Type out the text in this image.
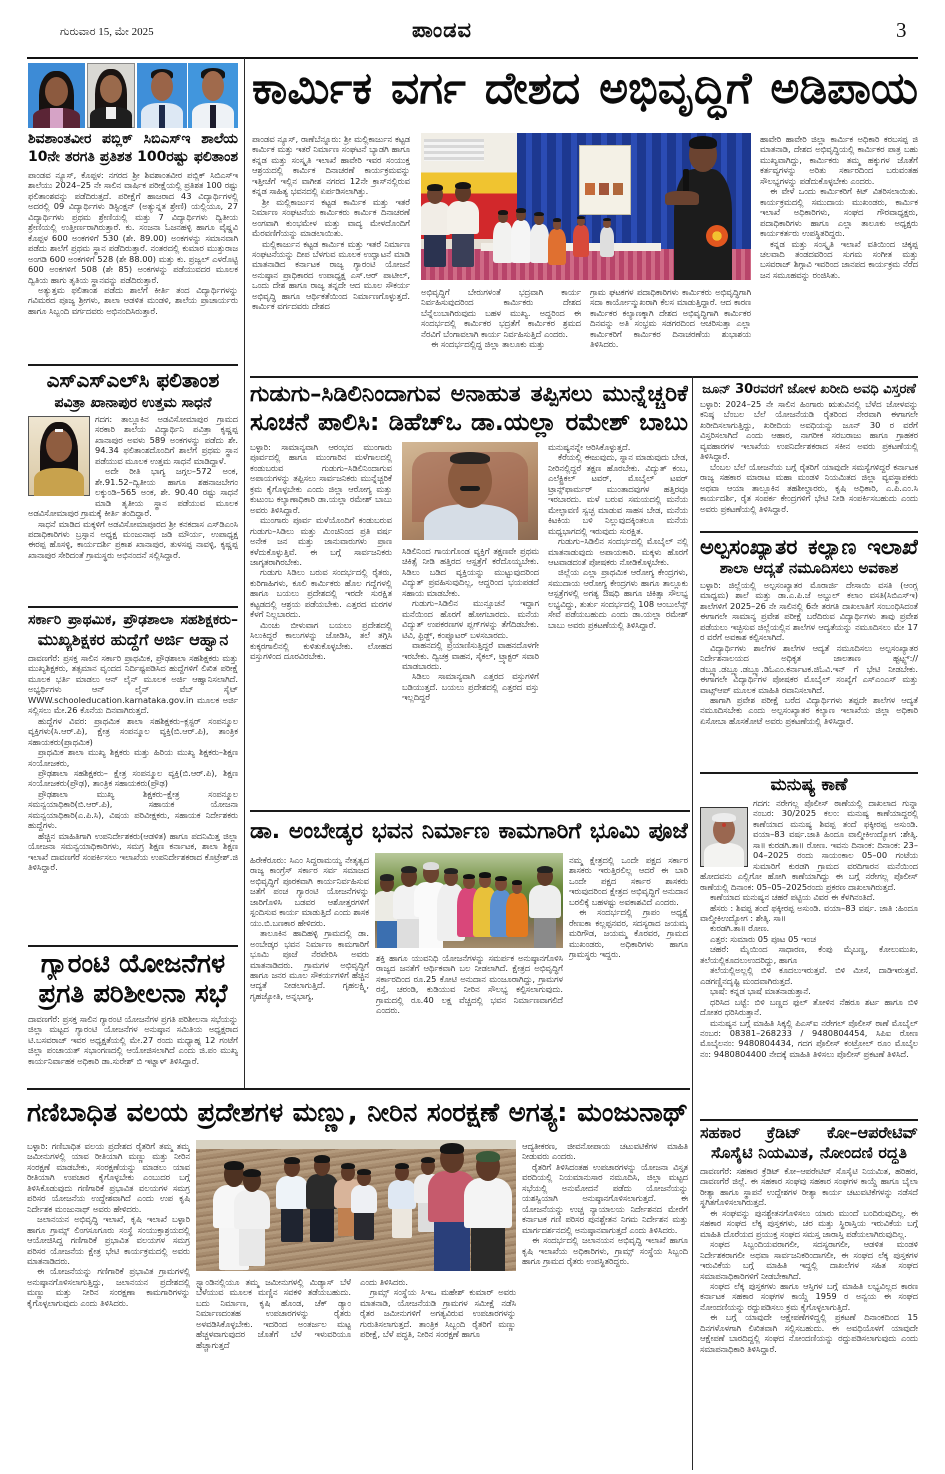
ಗುರುವಾರ 15, ಮೇ 2025	ಪಾಂಡವ	3
ಶಿವಶಾಂತವೀರ ಪಬ್ಲಿಕ್ ಸಿಬಿಎಸ್‌ಇ ಶಾಲೆಯ
10ನೇ ತರಗತಿ ಪ್ರತಿಶತ 100ರಷ್ಟು ಫಲಿತಾಂಶ

ಪಾಂಡವ ನ್ಯೂಸ್, ಕೊಪ್ಪಳ: ನಗರದ ಶ್ರೀ ಶಿವಶಾಂತವೀರ ಪಬ್ಲಿಕ್ ಸಿಬಿಎಸ್‌ಇ ಶಾಲೆಯು 2024–25 ನೇ ಸಾಲಿನ ವಾರ್ಷಿಕ ಪರೀಕ್ಷೆಯಲ್ಲಿ ಪ್ರತಿಶತ 100 ರಷ್ಟು ಫಲಿತಾಂಶವನ್ನು ಪಡೆದಿರುತ್ತದೆ. ಪರೀಕ್ಷೆಗೆ ಹಾಜರಾದ 43 ವಿದ್ಯಾರ್ಥಿಗಳಲ್ಲಿ ಅದರಲ್ಲಿ 09 ವಿದ್ಯಾರ್ಥಿಗಳು ಡಿಸ್ಟಿಂಕ್ಷನ್ (ಅತ್ಯುನ್ನತ ಶ್ರೇಣಿ) ಯಲ್ಲಿಯೂ, 27 ವಿದ್ಯಾರ್ಥಿಗಳು ಪ್ರಥಮ ಶ್ರೇಣಿಯಲ್ಲಿ ಮತ್ತು 7 ವಿದ್ಯಾರ್ಥಿಗಳು ದ್ವಿತೀಯ ಶ್ರೇಣಿಯಲ್ಲಿ ಉತ್ತೀರ್ಣರಾಗಿರುತ್ತಾರೆ. ಕು. ಸಂಜನಾ ಓಜನಹಳ್ಳಿ ಹಾಗೂ ವೈಷ್ಣವಿ ಕೊಪ್ಪಳ 600 ಅಂಕಗಳಿಗೆ 530 (ಶೇ. 89.00) ಅಂಕಗಳನ್ನು ಸಮಾನವಾಗಿ ಪಡೆದು ಶಾಲೆಗೆ ಪ್ರಥಮ ಸ್ಥಾನ ಪಡೆದಿರುತ್ತಾರೆ. ನಂತರದಲ್ಲಿ ಕುಮಾರ ಮುತ್ತುರಾಜ ಅಂಗಡಿ 600 ಅಂಕಗಳಿಗೆ 528 (ಶೇ 88.00) ಮತ್ತು ಕು. ಪ್ರಜ್ವಲ್ ಎಳರೊಟ್ಟಿ 600 ಅಂಕಗಳಿಗೆ 508 (ಶೇ 85) ಅಂಕಗಳನ್ನು ಪಡೆಯುವದರ ಮೂಲಕ ದ್ವಿತಿಯ ಹಾಗು ತೃತಿಯ ಸ್ಥಾನವನ್ನು ಪಡೆದಿರುತ್ತಾರೆ.

ಅತ್ಯುತ್ತಮ ಫಲಿತಾಂಶ ಪಡೆದು ಶಾಲೆಗೆ ಕೀರ್ತಿ ತಂದ ವಿದ್ಯಾರ್ಥಿಗಳನ್ನು ಗವಿಮಠದ ಪೂಜ್ಯ ಶ್ರೀಗಳು, ಶಾಲಾ ಆಡಳಿತ ಮಂಡಳಿ, ಶಾಲೆಯ ಪ್ರಾಚಾರ್ಯರು ಹಾಗೂ ಸಿಬ್ಬಂದಿ ವರ್ಗದವರು ಅಭಿನಂದಿಸಿರುತ್ತಾರೆ.

ಎಸ್‌ಎಸ್‌ಎಲ್‌ಸಿ ಫಲಿತಾಂಶ
ಪವಿತ್ರಾ ಖಾನಾಪುರ ಉತ್ತಮ ಸಾಧನೆ

ಗದಗ: ತಾಲ್ಲೂಕಿನ ಅಡವಿಸೋಮಾಪುರ ಗ್ರಾಮದ ಸರಕಾರಿ ಶಾಲೆಯ ವಿದ್ಯಾರ್ಥಿನಿ ಪವಿತ್ರಾ ಕೃಷ್ಣಪ್ಪ ಖಾನಾಪುರ ಅವಳು 589 ಅಂಕಗಳನ್ನು ಪಡೆದು ಶೇ. 94.34 ಫಲಿತಾಂಶದೊಂದಿಗೆ ಶಾಲೆಗೆ ಪ್ರಥಮ ಸ್ಥಾನ ಪಡೆಯುವ ಮೂಲಕ ಉತ್ತಮ ಸಾಧನೆ ಮಾಡಿದ್ದಾಳೆ.

ಅದೇ ರೀತಿ ಭಾಗ್ಯ ಜಗ್ಗಲ–572 ಅಂಕ, ಶೇ.91.52–ದ್ವಿತೀಯ ಹಾಗೂ ಶಹನಾಜಬೇಗಂ ಲಕ್ಕುಂಡಿ–565 ಅಂಕ, ಶೇ. 90.40 ರಷ್ಟು ಸಾಧನೆ ಮಾಡಿ ತೃತೀಯ ಸ್ಥಾನ ಪಡೆಯುವ ಮೂಲಕ ಅಡವಿಸೋಮಾಪುರ ಗ್ರಾಮಕ್ಕೆ ಕೀರ್ತಿ ತಂದಿದ್ದಾರೆ.

ಸಾಧನೆ ಮಾಡಿದ ಮಕ್ಕಳಿಗೆ ಅಡವಿಸೋಮಾಪೂರದ ಶ್ರೀ ಕನಕದಾಸ ಎಸ್‌ಡಿಎಂಸಿ ಪದಾಧಿಕಾರಿಗಳು ಬ್ರಸ್ಸಾನ ಅಧ್ಯಕ್ಷ ಮಂಜುನಾಥ ಜಡಿ ಮೌರ್ಯ, ಉಪಾಧ್ಯಕ್ಷ ಈರಪ್ಪ ಹೊಸಳ್ಳಿ, ಕಾರ್ಯದರ್ಶಿ ಪ್ರಕಾಶ ಖಾನಾಪುರ, ತುಳಸಪ್ಪ ನಾವಳ್ಳಿ, ಕೃಷ್ಣಪ್ಪ ಖಾನಾಪುರ ಸೇರಿದಂತೆ ಗ್ರಾಮಸ್ಥರು ಅಭಿನಂದನೆ ಸಲ್ಲಿಸಿದ್ದಾರೆ.

ಸರ್ಕಾರಿ ಪ್ರಾಥಮಿಕ, ಪ್ರೌಢಶಾಲಾ ಸಹಶಿಕ್ಷಕರು–
ಮುಖ್ಯಶಿಕ್ಷಕರ ಹುದ್ದೆಗೆ ಅರ್ಜಿ ಆಹ್ವಾನ

ದಾವಣಗೆರೆ: ಪ್ರಸಕ್ತ ಸಾಲಿನ ಸರ್ಕಾರಿ ಪ್ರಾಥಮಿಕ, ಪ್ರೌಢಶಾಲಾ ಸಹಶಿಕ್ಷಕರು ಮತ್ತು ಮುಖ್ಯಶಿಕ್ಷಕರು, ತತ್ಸಮಾನ ವೃಂದದ ನಿರ್ದಿಷ್ಟಪಡಿಸಿದ ಹುದ್ದೆಗಳಿಗೆ ಲಿಖಿತ ಪರೀಕ್ಷೆ ಮೂಲಕ ಭರ್ತಿ ಮಾಡಲು ಆನ್ ಲೈನ್ ಮೂಲಕ ಅರ್ಜಿ ಆಹ್ವಾನಿಸಲಾಗಿದೆ. ಅಭ್ಯರ್ಥಿಗಳು ಆನ್ ಲೈನ್ ವೆಬ್ ಸೈಟ್ WWW.schooleducation.karnataka.gov.in ಮೂಲಕ ಅರ್ಜಿ ಸಲ್ಲಿಸಲು ಮೇ.26 ಕೊನೆಯ ದಿನವಾಗಿರುತ್ತದೆ.

ಹುದ್ದೆಗಳ ವಿವರ: ಪ್ರಾಥಮಿಕ ಶಾಲಾ ಸಹಶಿಕ್ಷಕರು–ಕ್ಲಸ್ಟರ್ ಸಂಪನ್ಮೂಲ ವ್ಯಕ್ತಿಗಳು(ಸಿ.ಆರ್.ಪಿ), ಕ್ಷೇತ್ರ ಸಂಪನ್ಮೂಲ ವ್ಯಕ್ತಿ(ಬಿ.ಆರ್.ಪಿ), ತಾಂತ್ರಿಕ ಸಹಾಯಕರು(ಪ್ರಾಥಮಿಕ)

ಪ್ರಾಥಮಿಕ ಶಾಲಾ ಮುಖ್ಯ ಶಿಕ್ಷಕರು ಮತ್ತು ಹಿರಿಯ ಮುಖ್ಯ ಶಿಕ್ಷಕರು–ಶಿಕ್ಷಣ ಸಂಯೋಜಕರು,

ಪ್ರೌಢಶಾಲಾ ಸಹಶಿಕ್ಷಕರು– ಕ್ಷೇತ್ರ ಸಂಪನ್ಮೂಲ ವ್ಯಕ್ತಿ(ಬಿ.ಆರ್.ಪಿ), ಶಿಕ್ಷಣ ಸಂಯೋಜಕರು(ಪ್ರೌಢ), ತಾಂತ್ರಿಕ ಸಹಾಯಕರು(ಪ್ರೌಢ)

ಪ್ರೌಢಶಾಲಾ ಮುಖ್ಯ ಶಿಕ್ಷಕರು–ಕ್ಷೇತ್ರ ಸಂಪನ್ಮೂಲ ಸಮನ್ವಯಾಧಿಕಾರಿ(ಬಿ.ಆರ್.ಪಿ), ಸಹಾಯಕ ಯೋಜನಾ ಸಮನ್ವಯಾಧಿಕಾರಿ(ಎ.ಪಿ.ಸಿ), ವಿಷಯ ಪರಿವೀಕ್ಷಕರು, ಸಹಾಯಕ ನಿರ್ದೇಶಕರು ಹುದ್ದೆಗಳು.

ಹೆಚ್ಚಿನ ಮಾಹಿತಿಗಾಗಿ ಉಪನಿರ್ದೇಶಕರು(ಆಡಳಿತ) ಹಾಗೂ ಪದನಿಮಿತ್ತ ಜಿಲ್ಲಾ ಯೋಜನಾ ಸಮನ್ವಯಾಧಿಕಾರಿಗಳು, ಸಮಗ್ರ ಶಿಕ್ಷಣ ಕರ್ನಾಟಕ, ಶಾಲಾ ಶಿಕ್ಷಣ ಇಲಾಖೆ ದಾವಣಗೆರೆ ಸಂಪರ್ಕಿಸಲು ಇಲಾಖೆಯ ಉಪನಿರ್ದೇಶಕರಾದ ಕೊಟ್ರೇಶ್.ಜಿ ತಿಳಿಸಿದ್ದಾರೆ.

ಗ್ಯಾರಂಟಿ ಯೋಜನೆಗಳ
ಪ್ರಗತಿ ಪರಿಶೀಲನಾ ಸಭೆ

ದಾವಣಗೆರೆ: ಪ್ರಸಕ್ತ ಸಾಲಿನ ಗ್ಯಾರಂಟಿ ಯೋಜನೆಗಳ ಪ್ರಗತಿ ಪರಿಶೀಲನಾ ಸಭೆಯನ್ನು ಜಿಲ್ಲಾ ಮಟ್ಟದ ಗ್ಯಾರಂಟಿ ಯೋಜನೆಗಳ ಅನುಷ್ಠಾನ ಸಮಿತಿಯ ಅಧ್ಯಕ್ಷರಾದ ಟಿ.ಬಸವರಾಜ್ ಇವರ ಅಧ್ಯಕ್ಷತೆಯಲ್ಲಿ ಮೇ.27 ರಂದು ಮಧ್ಯಾಹ್ನ 12 ಗಂಟೆಗೆ ಜಿಲ್ಲಾ ಪಂಚಾಯತ್ ಸಭಾಂಗಣದಲ್ಲಿ ಆಯೋಜಿಸಲಾಗಿದೆ ಎಂದು ಜಿ.ಪಂ ಮುಖ್ಯ ಕಾರ್ಯನಿರ್ವಾಹಕ ಅಧಿಕಾರಿ ಡಾ.ಸುರೇಶ್ ಬಿ ಇಟ್ನಾಳ್ ತಿಳಿಸಿದ್ದಾರೆ.

ಕಾರ್ಮಿಕ ವರ್ಗ ದೇಶದ ಅಭಿವೃದ್ಧಿಗೆ ಅಡಿಪಾಯ

ಪಾಂಡವ ನ್ಯೂಸ್, ರಾಣೆಬೆನ್ನೂರು: ಶ್ರೀ ಮಲ್ಲಿಕಾರ್ಜುನ ಕಟ್ಟಡ ಕಾರ್ಮಿಕ ಮತ್ತು ಇತರೆ ನಿರ್ಮಾಣ ಸಂಘಟನೆ ಬ್ಯಾಡಗಿ ಹಾಗೂ ಕನ್ನಡ ಮತ್ತು ಸಂಸ್ಕೃತಿ ಇಲಾಖೆ ಹಾವೇರಿ ಇವರ ಸಂಯುಕ್ತ ಆಶ್ರಯದಲ್ಲಿ ಕಾರ್ಮಿಕ ದಿನಾಚರಣೆ ಕಾರ್ಯಕ್ರಮವನ್ನು ಇತ್ತೀಚೆಗೆ ಇಲ್ಲಿನ ವಾಗೀಶ ನಗರದ 12ನೇ ಕ್ರಾಸ್‌ನಲ್ಲಿರುವ ಕನ್ನಡ ಸಾಹಿತ್ಯ ಭವನದಲ್ಲಿ ಏರ್ಪಡಿಸಲಾಗಿತ್ತು.

ಶ್ರೀ ಮಲ್ಲಿಕಾರ್ಜುನ ಕಟ್ಟಡ ಕಾರ್ಮಿಕ ಮತ್ತು ಇತರೆ ನಿರ್ಮಾಣ ಸಂಘಟನೆಯ ಕಾರ್ಮಿಕರು ಕಾರ್ಮಿಕ ದಿನಾಚರಣೆ ಅಂಗವಾಗಿ ಕುಂಭಮೇಳ ಮತ್ತು ವಾದ್ಯ ಮೇಳದೊಂದಿಗೆ ಮೆರವಣಿಗೆಯನ್ನು ಮಾಡಲಾಯಿತು.

ಮಲ್ಲಿಕಾರ್ಜುನ ಕಟ್ಟಡ ಕಾರ್ಮಿಕ ಮತ್ತು ಇತರೆ ನಿರ್ಮಾಣ ಸಂಘಟನೆಯನ್ನು ದೀಪ ಬೆಳಗುವ ಮೂಲಕ ಉದ್ಘಾಟನೆ ಮಾಡಿ ಮಾತನಾಡಿದ ಕರ್ನಾಟಕ ರಾಜ್ಯ ಗ್ಯಾರಂಟಿ ಯೋಜನೆ ಅನುಷ್ಠಾನ ಪ್ರಾಧಿಕಾರದ ಉಪಾಧ್ಯಕ್ಷ ಎಸ್.ಆರ್ ಪಾಟೀಲ್, ಒಂದು ದೇಶ ಹಾಗೂ ರಾಜ್ಯ ತನ್ನದೇ ಆದ ಮೂಲ ಸೌಕರ್ಯ ಅಭಿವೃದ್ಧಿ ಹಾಗೂ ಆರ್ಥಿಕತೆಯಿಂದ ನಿರ್ಮಾಣಗೊಳ್ಳುತ್ತದೆ. ಕಾರ್ಮಿಕ ವರ್ಗದವರು ದೇಶದ

ಅಭಿವೃದ್ಧಿಗೆ ಬೇರುಗಳಂತೆ ಭದ್ರವಾಗಿ ಕಾರ್ಯ ನಿರ್ವಹಿಸುವುದರಿಂದ ಕಾರ್ಮಿಕರು ದೇಶದ ಬೆನ್ನೆಲುಬಾಗಿರುವುದು ಬಹಳ ಮುಖ್ಯ. ಅದ್ದರಿಂದ ಈ ಸಂದರ್ಭದಲ್ಲಿ ಕಾರ್ಮಿಕರ ಭದ್ರತೆಗೆ ಕಾರ್ಮಿಕರ ಶ್ರಮದ ನೆರವಿಗೆ ಬೆಂಗಾವಲಾಗಿ ಕಾರ್ಯ ನಿರ್ವಹಿಸುತ್ತಿದೆ ಎಂದರು.

ಈ ಸಂದರ್ಭದಲ್ಲಿದ್ದ ಜಿಲ್ಲಾ ತಾಲೂಕು ಮತ್ತು

ಗ್ರಾಮ ಘಟಕಗಳ ಪದಾಧಿಕಾರಿಗಳು ಕಾರ್ಮಿಕರು ಅಭಿವೃದ್ಧಿಗಾಗಿ ಸದಾ ಕಾರ್ಯೋನ್ಮುಖರಾಗಿ ಕೆಲಸ ಮಾಡುತ್ತಿದ್ದಾರೆ. ಆದ ಕಾರಣ ಕಾರ್ಮಿಕರ ಕಲ್ಯಾಣಕ್ಕಾಗಿ ದೇಶದ ಅಭಿವೃದ್ಧಿಗಾಗಿ ಕಾರ್ಮಿಕರ ದಿನವನ್ನು ಅತಿ ಸಂಭ್ರಮ ಸಡಗರದಿಂದ ಆಚರಿಸುತ್ತಾ ಎಲ್ಲಾ ಕಾರ್ಮಿಕರಿಗೆ ಕಾರ್ಮಿಕರ ದಿನಾಚರಣೆಯ ಶುಭಾಶಯ ತಿಳಿಸಿದರು.

ಹಾವೇರಿ ಹಾವೇರಿ ಜಿಲ್ಲಾ ಕಾರ್ಮಿಕ ಅಧಿಕಾರಿ ಕರಬಸಪ್ಪ ಜಿ ಮಾತನಾಡಿ, ದೇಶದ ಅಭಿವೃದ್ಧಿಯಲ್ಲಿ ಕಾರ್ಮಿಕರ ಪಾತ್ರ ಬಹು ಮುಖ್ಯವಾಗಿದ್ದು, ಕಾರ್ಮಿಕರು ತಮ್ಮ ಹಕ್ಕುಗಳ ಜೊತೆಗೆ ಕರ್ತವ್ಯಗಳನ್ನು ಅರಿತು ಸರ್ಕಾರದಿಂದ ಬರುವಂತಹ ಸೌಲಭ್ಯಗಳನ್ನು ಪಡೆದುಕೊಳ್ಳಬೇಕು ಎಂದರು.

ಈ ವೇಳೆ ಒಂದು ಕಾರ್ಮಿಕರಿಗೆ ಕಿಟ್ ವಿತರಿಸಲಾಯಿತು. ಕಾರ್ಯಕ್ರಮದಲ್ಲಿ ಸಮುದಾಯ ಮುಖಂಡರು, ಕಾರ್ಮಿಕ ಇಲಾಖೆ ಅಧಿಕಾರಿಗಳು, ಸಂಘದ ಗೌರವಾಧ್ಯಕ್ಷರು, ಪದಾಧಿಕಾರಿಗಳು ಹಾಗೂ ಎಲ್ಲಾ ತಾಲೂಕು ಅಧ್ಯಕ್ಷರು ಕಾರ್ಯಕರ್ತರು ಉಪಸ್ಥಿತರಿದ್ದರು.

ಕನ್ನಡ ಮತ್ತು ಸಂಸ್ಕೃತಿ ಇಲಾಖೆ ವತಿಯಿಂದ ಚಿಕ್ಕಪ್ಪ ಚಲವಾದಿ ತಂಡದವರಿಂದ ಸುಗಮ ಸಂಗೀತ ಮತ್ತು ಬಸವರಾಜ್ ಶಿಗ್ಗಾವಿ ಇವರಿಂದ ಜಾನಪದ ಕಾರ್ಯಕ್ರಮ ನೆರೆದ ಜನ ಸಮೂಹವನ್ನು ರಂಜಿಸಿತು.

ಗುಡುಗು–ಸಿಡಿಲಿನಿಂದಾಗುವ ಅನಾಹುತ ತಪ್ಪಿಸಲು ಮುನ್ನೆಚ್ಚರಿಕೆ
ಸೂಚನೆ ಪಾಲಿಸಿ: ಡಿಹೆಚ್‌ಒ ಡಾ.ಯಲ್ಲಾ ರಮೇಶ್ ಬಾಬು

ಬಳ್ಳಾರಿ: ಸಾಮಾನ್ಯವಾಗಿ ಆರಂಭದ ಮುಂಗಾರು ಪೂರ್ವದಲ್ಲಿ ಹಾಗೂ ಮುಂಗಾರಿನ ಮಳೆಗಾಲದಲ್ಲಿ ಕಂಡುಬರುವ ಗುಡುಗು–ಸಿಡಿಲಿನಿಂದಾಗುವ ಅಪಾಯಗಳನ್ನು ತಪ್ಪಿಸಲು ಸಾರ್ವಜನಿಕರು ಮುನ್ನೆಚ್ಚರಿಕೆ ಕ್ರಮ ಕೈಗೊಳ್ಳಬೇಕು ಎಂದು ಜಿಲ್ಲಾ ಆರೋಗ್ಯ ಮತ್ತು ಕುಟುಂಬ ಕಲ್ಯಾಣಾಧಿಕಾರಿ ಡಾ.ಯಲ್ಲಾ ರಮೇಶ್ ಬಾಬು ಅವರು ತಿಳಿಸಿದ್ದಾರೆ.

ಮುಂಗಾರು ಪೂರ್ವ ಮಳೆಯೊಂದಿಗೆ ಕಂಡುಬರುವ ಗುಡುಗು–ಸಿಡಿಲು ಮತ್ತು ಮಿಂಚಿನಿಂದ ಪ್ರತಿ ವರ್ಷ ಅನೇಕ ಜನ ಮತ್ತು ಜಾನುವಾರುಗಳು ಪ್ರಾಣ ಕಳೆದುಕೊಳ್ಳುತ್ತಿವೆ. ಈ ಬಗ್ಗೆ ಸಾರ್ವಜನಿಕರು ಜಾಗೃತರಾಗಿರಬೇಕು.

ಗುಡುಗು ಸಿಡಿಲು ಬರುವ ಸಂದರ್ಭದಲ್ಲಿ ರೈತರು, ಕುರಿಗಾಹಿಗಳು, ಕೂಲಿ ಕಾರ್ಮಿಕರು ಹೊಲ ಗದ್ದೆಗಳಲ್ಲಿ ಹಾಗೂ ಬಯಲು ಪ್ರದೇಶದಲ್ಲಿ ಇರದೇ ಸುರಕ್ಷಿತ ಕಟ್ಟಡದಲ್ಲಿ ಆಶ್ರಯ ಪಡೆಯಬೇಕು. ಎತ್ತರದ ಮರಗಳ ಕೆಳಗೆ ನಿಲ್ಲಬಾರದು.

ಮಿಂಚು ಬೀಳುವಾಗ ಬಯಲು ಪ್ರದೇಶದಲ್ಲಿ ಸಿಲುಕಿದ್ದರೆ ಕಾಲುಗಳನ್ನು ಜೋಡಿಸಿ, ತಲೆ ತಗ್ಗಿಸಿ ಕುಕ್ಕರಗಾಲಿನಲ್ಲಿ ಕುಳಿತುಕೊಳ್ಳಬೇಕು. ಲೋಹದ ವಸ್ತುಗಳಿಂದ ದೂರವಿರಬೇಕು.

ಸಿಡಿಲಿನಿಂದ ಗಾಯಗೊಂಡ ವ್ಯಕ್ತಿಗೆ ತಕ್ಷಣವೇ ಪ್ರಥಮ ಚಿಕಿತ್ಸೆ ನೀಡಿ ಹತ್ತಿರದ ಆಸ್ಪತ್ರೆಗೆ ಕರೆದೊಯ್ಯಬೇಕು. ಸಿಡಿಲು ಬಡಿದ ವ್ಯಕ್ತಿಯನ್ನು ಮುಟ್ಟುವುದರಿಂದ ವಿದ್ಯುತ್ ಪ್ರವಹಿಸುವುದಿಲ್ಲ, ಆದ್ದರಿಂದ ಭಯಪಡದೆ ಸಹಾಯ ಮಾಡಬೇಕು.

ಗುಡುಗು–ಸಿಡಿಲಿನ ಮುನ್ಸೂಚನೆ ಇದ್ದಾಗ ಮನೆಯಿಂದ ಹೊರಗೆ ಹೋಗಬಾರದು. ಮನೆಯ ವಿದ್ಯುತ್ ಉಪಕರಣಗಳ ಪ್ಲಗ್‌ಗಳನ್ನು ತೆಗೆದಿಡಬೇಕು. ಟಿವಿ, ಫ್ರಿಡ್ಜ್, ಕಂಪ್ಯೂಟರ್ ಬಳಸಬಾರದು.

ವಾಹನದಲ್ಲಿ ಪ್ರಯಾಣಿಸುತ್ತಿದ್ದರೆ ವಾಹನದೊಳಗೇ ಇರಬೇಕು. ದ್ವಿಚಕ್ರ ವಾಹನ, ಸೈಕಲ್, ಟ್ರ್ಯಾಕ್ಟರ್ ಸವಾರಿ ಮಾಡಬಾರದು.

ಸಿಡಿಲು ಸಾಮಾನ್ಯವಾಗಿ ಎತ್ತರದ ವಸ್ತುಗಳಿಗೆ ಬಡಿಯುತ್ತದೆ. ಬಯಲು ಪ್ರದೇಶದಲ್ಲಿ ಎತ್ತರದ ವಸ್ತು ಇಲ್ಲದಿದ್ದರೆ

ಮನುಷ್ಯನನ್ನೇ ಆರಿಸಿಕೊಳ್ಳುತ್ತದೆ.

ಕೆರೆಯಲ್ಲಿ ಈಜುವುದು, ಸ್ನಾನ ಮಾಡುವುದು ಬೇಡ, ನೀರಿನಲ್ಲಿದ್ದರೆ ತಕ್ಷಣ ಹೊರಬೇಕು. ವಿದ್ಯುತ್ ಕಂಬ, ಎಲೆಕ್ಟ್ರಿಕಲ್ ಟವರ್, ಮೊಬೈಲ್ ಟವರ್ ಟ್ರಾನ್ಸ್‌ಫಾರ್ಮರ್ ಮುಂತಾದವುಗಳ ಹತ್ತಿರವೂ ಇರಬಾರದು. ಮಳೆ ಬರುವ ಸಮಯದಲ್ಲಿ ಮನೆಯ ಮೇಲ್ಛಾವಣಿ ಸ್ವಚ್ಛ ಮಾಡುವ ಸಾಹಸ ಬೇಡ, ಮನೆಯ ಕಿಟಕಿಯ ಬಳಿ ನಿಲ್ಲುವುದಕ್ಕಿಂತಲೂ ಮನೆಯ ಮಧ್ಯಭಾಗದಲ್ಲಿ ಇರುವುದು ಸುರಕ್ಷಿತ.

ಗುಡುಗು–ಸಿಡಿಲಿನ ಸಂದರ್ಭದಲ್ಲಿ ಮೊಬೈಲ್ ನಲ್ಲಿ ಮಾತನಾಡುವುದು ಅಪಾಯಕಾರಿ. ಮಕ್ಕಳು ಹೊರಗೆ ಆಟವಾಡದಂತೆ ಪೋಷಕರು ನೋಡಿಕೊಳ್ಳಬೇಕು.

ಜಿಲ್ಲೆಯ ಎಲ್ಲಾ ಪ್ರಾಥಮಿಕ ಆರೋಗ್ಯ ಕೇಂದ್ರಗಳು, ಸಮುದಾಯ ಆರೋಗ್ಯ ಕೇಂದ್ರಗಳು ಹಾಗೂ ತಾಲ್ಲೂಕು ಆಸ್ಪತ್ರೆಗಳಲ್ಲಿ ಅಗತ್ಯ ಔಷಧಿ ಹಾಗೂ ಚಿಕಿತ್ಸಾ ಸೌಲಭ್ಯ ಲಭ್ಯವಿದ್ದು, ತುರ್ತು ಸಂದರ್ಭದಲ್ಲಿ 108 ಆಂಬುಲೆನ್ಸ್ ಸೇವೆ ಪಡೆಯಬಹುದು ಎಂದು ಡಾ.ಯಲ್ಲಾ ರಮೇಶ್ ಬಾಬು ಅವರು ಪ್ರಕಟಣೆಯಲ್ಲಿ ತಿಳಿಸಿದ್ದಾರೆ.

ಜೂನ್ 30ರವರಗೆ ಜೋಳ ಖರೀದಿ ಅವಧಿ ವಿಸ್ತರಣೆ

ಬಳ್ಳಾರಿ: 2024–25 ನೇ ಸಾಲಿನ ಹಿಂಗಾರು ಋತುವಿನಲ್ಲಿ ಬೆಳೆದ ಜೋಳವನ್ನು ಕನಿಷ್ಠ ಬೆಂಬಲ ಬೆಲೆ ಯೋಜನೆಯಡಿ ರೈತರಿಂದ ನೇರವಾಗಿ ಈಗಾಗಲೇ ಖರೀದಿಸಲಾಗುತ್ತಿದ್ದು, ಖರೀದಿಯ ಅವಧಿಯನ್ನು ಜೂನ್ 30 ರ ವರೆಗೆ ವಿಸ್ತರಿಸಲಾಗಿದೆ ಎಂದು ಆಹಾರ, ನಾಗರೀಕ ಸರಬರಾಜು ಹಾಗೂ ಗ್ರಾಹಕರ ವ್ಯವಹಾರಗಳ ಇಲಾಖೆಯ ಉಪನಿರ್ದೇಶಕರಾದ ಸಕೀನ ಅವರು ಪ್ರಕಟಣೆಯಲ್ಲಿ ತಿಳಿಸಿದ್ದಾರೆ.

ಬೆಂಬಲ ಬೆಲೆ ಯೋಜನೆಯ ಬಗ್ಗೆ ರೈತರಿಗೆ ಯಾವುದೇ ಸಮಸ್ಯೆಗಳಿದ್ದರೆ ಕರ್ನಾಟಕ ರಾಜ್ಯ ಸಹಕಾರ ಮಾರಾಟ ಮಹಾ ಮಂಡಳಿ ನಿಯಮಿತದ ಜಿಲ್ಲಾ ವ್ಯವಸ್ಥಾಪಕರು ಅಥವಾ ಆಯಾ ತಾಲ್ಲೂಕಿನ ತಹಶೀಲ್ದಾರರು, ಕೃಷಿ ಅಧಿಕಾರಿ, ಎ.ಪಿ.ಎಂ.ಸಿ ಕಾರ್ಯದರ್ಶಿ, ರೈತ ಸಂಪರ್ಕ ಕೇಂದ್ರಗಳಿಗೆ ಭೇಟಿ ನೀಡಿ ಸಂಪರ್ಕಿಸಬಹುದು ಎಂದು ಅವರು ಪ್ರಕಟಣೆಯಲ್ಲಿ ತಿಳಿಸಿದ್ದಾರೆ.

ಅಲ್ಪಸಂಖ್ಯಾತರ ಕಲ್ಯಾಣ ಇಲಾಖೆ
ಶಾಲಾ ಆದ್ಯತೆ ನಮೂದಿಸಲು ಅವಕಾಶ

ಬಳ್ಳಾರಿ: ಜಿಲ್ಲೆಯಲ್ಲಿ ಅಲ್ಪಸಂಖ್ಯಾತರ ಮೊರಾರ್ಜಿ ದೇಸಾಯಿ ವಸತಿ (ಆಂಗ್ಲ ಮಾಧ್ಯಮ) ಶಾಲೆ ಮತ್ತು ಡಾ.ಎ.ಪಿ.ಜೆ ಅಬ್ದುಲ್ ಕಲಾಂ ವಸತಿ(ಸಿಬಿಎಸ್‌ಇ) ಶಾಲೆಗಳಿಗೆ 2025–26 ನೇ ಸಾಲಿನಲ್ಲಿ 6ನೇ ತರಗತಿ ದಾಖಲಾತಿಗೆ ಸಂಬಂಧಿಸಿದಂತೆ ಈಗಾಗಲೇ ಸಾಮಾನ್ಯ ಪ್ರವೇಶ ಪರೀಕ್ಷೆ ಬರೆದಿರುವ ವಿದ್ಯಾರ್ಥಿಗಳು ತಾವು ಪ್ರವೇಶ ಪಡೆಯಲು ಇಚ್ಛಿಸುವ ಜಿಲ್ಲೆಯಲ್ಲಿನ ಶಾಲೆಗಳ ಆದ್ಯತೆಯನ್ನು ನಮೂದಿಸಲು ಮೇ 17 ರ ವರೆಗೆ ಅವಕಾಶ ಕಲ್ಪಿಸಲಾಗಿದೆ.

ವಿದ್ಯಾರ್ಥಿಗಳು ಶಾಲೆಗಳ ಶಾಲೆಗಳ ಆದ್ಯತೆ ನಮೂದಿಸಲು ಅಲ್ಪಸಂಖ್ಯಾತರ ನಿರ್ದೇಶನಾಲಯದ ಅಧಿಕೃತ ಜಾಲತಾಣ ಹ್ಟಟ್ಪ್ಸ್:// ಡಬ್ಲ್ಯೂ.ಡಬ್ಲ್ಯೂ.ಡಬ್ಲ್ಯೂ.ಡಿಓಎಂ.ಕರ್ನಾಟಕ.ಜಿಓವಿ.ಇನ್ ಗೆ ಭೇಟಿ ನೀಡಬೇಕು. ಈಗಾಗಲೇ ವಿದ್ಯಾರ್ಥಿಗಳ ಪೋಷಕರ ಮೊಬೈಲ್ ಸಂಖ್ಯೆಗೆ ಎಸ್‌ಎಂಎಸ್ ಮತ್ತು ವಾಟ್ಸ್‌ಆಪ್ ಮೂಲಕ ಮಾಹಿತಿ ರವಾನಿಸಲಾಗಿದೆ.

ಹಾಗಾಗಿ ಪ್ರವೇಶ ಪರೀಕ್ಷೆ ಬರೆದ ವಿದ್ಯಾರ್ಥಿಗಳು ತಪ್ಪದೇ ಶಾಲೆಗಳ ಆದ್ಯತೆ ನಮೂದಿಸಬೇಕು ಎಂದು ಅಲ್ಪಸಂಖ್ಯಾತರ ಕಲ್ಯಾಣ ಇಲಾಖೆಯ ಜಿಲ್ಲಾ ಅಧಿಕಾರಿ ಏಸೋಬಾ ಹೊಸಕೋಟೆ ಅವರು ಪ್ರಕಟಣೆಯಲ್ಲಿ ತಿಳಿಸಿದ್ದಾರೆ.

ಮನುಷ್ಯ ಕಾಣೆ

ಗದಗ: ನರೇಗಲ್ಲ ಪೊಲೀಸ್ ಠಾಣೆಯಲ್ಲಿ ದಾಖಲಾದ ಗುನ್ನಾ ನಂಬರ: 30/2025 ಕಲಂ: ಮನುಷ್ಯ ಕಾಣೆಯಾದ್ದರಲ್ಲಿ ಕಾಣೆಯಾದ ಮನುಷ್ಯ ಶಿವಪ್ಪ ತಂದೆ ಫಕ್ಕೀರಪ್ಪ ಅಸುಂಡಿ. ವಯಾ–83 ವರ್ಷ.ಜಾತಿ ಹಿಂದೂ ವಾಲ್ಮೀಕಿಉದ್ಯೋಗ :ಶೇತ್ಕಿ. ಸಾ॥ ಕುರಡಗಿ.ತಾ॥ ರೋಣ. ಇವನು ದಿನಾಂಕ: ದಿನಾಂಕ: 23–04–2025 ರಂದು ಸಾಯಂಕಾಲ 05–00 ಗಂಟೆಯ ಸುಮಾರಿಗೆ ಕುರಡಗಿ ಗ್ರಾಮದ ವರದಿಗಾರನ ಮನೆಯಿಂದ ಹೋದವನು ಎಲ್ಲಿಗೋ ಹೋಗಿ ಕಾಣೆಯಾಗಿದ್ದು ಈ ಬಗ್ಗೆ ನರೇಗಲ್ಲ ಪೊಲೀಸ್ ಠಾಣೆಯಲ್ಲಿ ದಿನಾಂಕ: 05–05–2025ರಂದು ಪ್ರಕರಣ ದಾಖಲಾಗಿರುತ್ತದೆ.

ಕಾಣೆಯಾದ ಮನುಷ್ಯನ ಚಹರೆ ಪಟ್ಟಿಯ ವಿವರ ಈ ಕೆಳಗಿನಂತಿದೆ.

ಹೆಸರು : ಶಿವಪ್ಪ ತಂದೆ ಫಕ್ಕೀರಪ್ಪ ಅಸುಂಡಿ. ವಯಾ–83 ವರ್ಷ. ಜಾತಿ :ಹಿಂದೂ ವಾಲ್ಮೀಕಿಉದ್ಯೋಗ : ಶೇತ್ಕಿ. ಸಾ॥

ಕುರಡಗಿ.ತಾ॥ ರೋಣ.

ಎತ್ತರ: ಸುಮಾರು 05 ಪೂಟ 05 ಇಂಚ

ಚಹರೆ: ಮೈಯಿಂದ ಸಾಧಾರಣ, ಕೆಂಪು ಮೈಬಣ್ಣ, ಕೋಲುಮುಖ, ತಲೆಯಲ್ಲಿಕೂದಲುಉದರಿದ್ದು, ಹಾಗೂ

ತಲೆಯಲ್ಲಿಅಲ್ಲಲ್ಲಿ ಬಿಳಿ ಕೂದಲುಇರುತ್ತವೆ. ಬಿಳಿ ಮೀಸೆ, ದಾಡಿಇರುತ್ತವೆ. ಎಡಗಣ್ಣಿನದೃಷ್ಟಿ ಮಂದವಾಗಿರುತ್ತದೆ.

ಭಾಷೆ: ಕನ್ನಡ ಭಾಷೆ ಮಾತನಾಡುತ್ತಾನೆ.

ಧರಿಸಿದ ಬಟ್ಟೆ: ಬಿಳಿ ಬಣ್ಣದ ಫುಲ್ ತೋಳಿನ ನೆಹರೂ ಶರ್ಟ ಹಾಗೂ ಬಿಳಿ ದೋತರ ಧರಿಸಿರುತ್ತಾನೆ.

ಮನುಷ್ಯನ ಬಗ್ಗೆ ಮಾಹಿತಿ ಸಿಕ್ಕಲ್ಲಿ ಪಿಎಸ್‌ಐ ನರೇಗಲ್ ಪೊಲೀಸ್ ಠಾಣೆ ಮೊಬೈಲ್ ನಂಬರ: 08381–268233 / 9480804454, ಸಿಪಿಐ ರೋಣ ಮೊಬೈಲನಂ: 9480804434, ಗದಗ ಪೊಲೀಸ್ ಕಂಟ್ರೋಲ್ ರೂಂ ಮೊಬೈಲ ನಂ: 9480804400 ನೇದಕ್ಕೆ ಮಾಹಿತಿ ತಿಳಿಸಲು ಪೊಲೀಸ್ ಪ್ರಕಟಣೆ ತಿಳಿಸಿದೆ.

ಸಹಕಾರ ಕ್ರೆಡಿಟ್ ಕೋ–ಆಪರೇಟಿವ್
ಸೊಸೈಟಿ ನಿಯಮಿತ, ನೋಂದಣಿ ರದ್ಧತಿ

ದಾವಣಗೆರೆ: ಸಹಕಾರ ಕ್ರೆಡಿಟ್ ಕೋ–ಆಪರೇಟಿವ್ ಸೊಸೈಟಿ ನಿಯಮಿತ, ಹರಿಹರ, ದಾವಣಗೆರೆ ಜಿಲ್ಲೆ. ಈ ಸಹಕಾರ ಸಂಘವು ಸಹಕಾರ ಸಂಘಗಳ ಕಾಯ್ದೆ ಹಾಗೂ ಬೈಲಾ ರೀತ್ಯಾ ಹಾಗೂ ಸ್ಥಾಪನೆ ಉದ್ದೇಶಗಳ ರೀತ್ಯಾ ಕಾರ್ಯ ಚಟುವಟಿಕೆಗಳನ್ನು ನಡೆಸದೆ ಸ್ಥಗಿತಗೊಳಿಸಲಾಗಿರುತ್ತದೆ.

ಈ ಸಂಘವನ್ನು ಪುನಶ್ಚೇತನಗೊಳಿಸಲು ಯಾರು ಮುಂದೆ ಬಂದಿರುವುದಿಲ್ಲ. ಈ ಸಹಕಾರ ಸಂಘದ ಲೆಕ್ಕ ಪುಸ್ತಕಗಳು, ಚರ ಮತ್ತು ಸ್ಥಿರಾಸ್ತಿಯ ಇರುವಿಕೆಯ ಬಗ್ಗೆ ಮಾಹಿತಿ ದೊರೆಯದ ಪ್ರಯುಕ್ತ ಸಂಘದ ಸಮಸ್ತ ಜಾರಾಸ್ತಿ ಪಡೆಯಲಾಗಿರುವುದಿಲ್ಲ.

ಸಂಘದ ಸಿಬ್ಬಂದಿಯವರಾಗಲೀ, ಸದಸ್ಯರಾಗಲೀ, ಆಡಳಿತ ಮಂಡಳಿ ನಿರ್ದೇಶಕರಾಗಲೀ ಅಥವಾ ಸಾರ್ವಜನಿಕರಿಂದಾಗಲೀ, ಈ ಸಂಘದ ಲೆಕ್ಕ ಪುಸ್ತಕಗಳ ಇರುವಿಕೆಯ ಬಗ್ಗೆ ಮಾಹಿತಿ ಇದ್ದಲ್ಲಿ ದಾಖಲೆಗಳ ಸಹಿತ ಸಂಘದ ಸಮಾಪನಾಧಿಕಾರಿಗಳಿಗೆ ನೀಡಬೇಕಾಗಿದೆ.

ಸಂಘದ ಲೆಕ್ಕ ಪುಸ್ತಕಗಳು ಹಾಗೂ ಆಸ್ತಿಗಳ ಬಗ್ಗೆ ಮಾಹಿತಿ ಲಭ್ಯವಿಲ್ಲದ ಕಾರಣ ಕರ್ನಾಟಕ ಸಹಕಾರ ಸಂಘಗಳ ಕಾಯ್ದೆ 1959 ರ ಅನ್ವಯ ಈ ಸಂಘದ ನೋಂದಣಿಯನ್ನು ರದ್ದುಪಡಿಸಲು ಕ್ರಮ ಕೈಗೊಳ್ಳಲಾಗುತ್ತಿದೆ.

ಈ ಬಗ್ಗೆ ಯಾವುದೇ ಆಕ್ಷೇಪಣೆಗಳಿದ್ದಲ್ಲಿ ಪ್ರಕಟಣೆ ದಿನಾಂಕದಿಂದ 15 ದಿನಗಳೊಳಗಾಗಿ ಲಿಖಿತವಾಗಿ ಸಲ್ಲಿಸಬಹುದು. ಈ ಅವಧಿಯೊಳಗೆ ಯಾವುದೇ ಆಕ್ಷೇಪಣೆ ಬಾರದಿದ್ದಲ್ಲಿ ಸಂಘದ ನೋಂದಣಿಯನ್ನು ರದ್ದುಪಡಿಸಲಾಗುವುದು ಎಂದು ಸಮಾಪನಾಧಿಕಾರಿ ತಿಳಿಸಿದ್ದಾರೆ.

ಡಾ. ಅಂಬೇಡ್ಕರ ಭವನ ನಿರ್ಮಾಣ ಕಾಮಗಾರಿಗೆ ಭೂಮಿ ಪೂಜೆ

ಹಿರೇಕೆರೂರು: ಸಿಎಂ ಸಿದ್ದರಾಮಯ್ಯ ನೇತೃತ್ವದ ರಾಜ್ಯ ಕಾಂಗ್ರೆಸ್ ಸರ್ಕಾರ ಸರ್ವ ಸಮಾಜದ ಅಭಿವೃದ್ಧಿಗೆ ಪೂರಕವಾಗಿ ಕಾರ್ಯನಿರ್ವಹಿಸುವ ಜತೆಗೆ ಪಂಚ ಗ್ಯಾರಂಟಿ ಯೋಜನೆಗಳನ್ನು ಜಾರಿಗೊಳಿಸಿ ಬಡವರ ಆಶೋತ್ತರಗಳಿಗೆ ಸ್ಪಂದಿಸುವ ಕಾರ್ಯ ಮಾಡುತ್ತಿದೆ ಎಂದು ಶಾಸಕ ಯು.ಬಿ.ಬಣಕಾರ ಹೇಳಿದರು.

ತಾಲೂಕಿನ ಹಾದಿಹಳ್ಳಿ ಗ್ರಾಮದಲ್ಲಿ ಡಾ. ಅಂಬೇಡ್ಕರ ಭವನ ನಿರ್ಮಾಣ ಕಾಮಗಾರಿಗೆ ಭೂಮಿ ಪೂಜೆ ನೆರವೇರಿಸಿ ಅವರು ಮಾತನಾಡಿದರು. ಗ್ರಾಮಗಳ ಅಭಿವೃದ್ಧಿಗೆ ಹಾಗೂ ಜನರ ಮೂಲ ಸೌಕರ್ಯಗಳಿಗೆ ಹೆಚ್ಚಿನ ಆದ್ಯತೆ ನೀಡಲಾಗುತ್ತಿದೆ. ಗೃಹಲಕ್ಷ್ಮಿ, ಗೃಹಜ್ಯೋತಿ, ಅನ್ನಭಾಗ್ಯ,

ಶಕ್ತಿ ಹಾಗೂ ಯುವನಿಧಿ ಯೋಜನೆಗಳನ್ನು ಸಮರ್ಪಕ ಅನುಷ್ಠಾನಗೊಳಿಸಿ ರಾಜ್ಯದ ಜನತೆಗೆ ಆರ್ಥಿಕವಾಗಿ ಬಲ ನೀಡಲಾಗಿದೆ. ಕ್ಷೇತ್ರದ ಅಭಿವೃದ್ಧಿಗೆ ಸರ್ಕಾರದಿಂದ ರೂ.25 ಕೋಟಿ ಅನುದಾನ ಮಂಜೂರಾಗಿದ್ದು, ಗ್ರಾಮಗಳ ರಸ್ತೆ, ಚರಂಡಿ, ಕುಡಿಯುವ ನೀರಿನ ಸೌಲಭ್ಯ ಕಲ್ಪಿಸಲಾಗುವುದು. ಗ್ರಾಮದಲ್ಲಿ ರೂ.40 ಲಕ್ಷ ವೆಚ್ಚದಲ್ಲಿ ಭವನ ನಿರ್ಮಾಣವಾಗಲಿದೆ ಎಂದರು.

ನಮ್ಮ ಕ್ಷೇತ್ರದಲ್ಲಿ ಒಂದೇ ಪಕ್ಷದ ಸರ್ಕಾರ ಶಾಸಕರು ಇರುತ್ತಿರಲಿಲ್ಲ ಆದರೆ ಈ ಬಾರಿ ಒಂದೇ ಪಕ್ಷದ ಸರ್ಕಾರ ಶಾಸಕರು ಇರುವುದರಿಂದ ಕ್ಷೇತ್ರದ ಅಭಿವೃದ್ಧಿಗೆ ಅನುದಾನ ಬರಲಿಕ್ಕೆ ಬಹಳಷ್ಟು ಅವಕಾಶವಿದೆ ಎಂದರು.

ಈ ಸಂದರ್ಭದಲ್ಲಿ ಗ್ರಾಪಂ ಅಧ್ಯಕ್ಷೆ ರೇಣುಕಾ ಕಲ್ಲಪ್ಪನವರ, ಸದಸ್ಯರಾದ ಜಯಮ್ಮ ಮರಿಗೌಡ, ಜಯಮ್ಮ ಕೊರವರ, ಗ್ರಾಮದ ಮುಖಂಡರು, ಅಧಿಕಾರಿಗಳು ಹಾಗೂ ಗ್ರಾಮಸ್ಥರು ಇದ್ದರು.

ಗಣಿಬಾಧಿತ ವಲಯ ಪ್ರದೇಶಗಳ ಮಣ್ಣು, ನೀರಿನ ಸಂರಕ್ಷಣೆ ಅಗತ್ಯ: ಮಂಜುನಾಥ್

ಬಳ್ಳಾರಿ: ಗಣಿಬಾಧಿತ ವಲಯ ಪ್ರದೇಶದ ರೈತರಿಗೆ ತಮ್ಮ ತಮ್ಮ ಜಮೀನುಗಳಲ್ಲಿ ಯಾವ ರೀತಿಯಾಗಿ ಮಣ್ಣು ಮತ್ತು ನೀರಿನ ಸಂರಕ್ಷಣೆ ಮಾಡಬೇಕು, ಸಂರಕ್ಷಣೆಯನ್ನು ಮಾಡಲು ಯಾವ ರೀತಿಯಾಗಿ ಉಪಚಾರ ಕೈಗೊಳ್ಳಬೇಕು ಎಂಬುದರ ಬಗ್ಗೆ ತಿಳಿಸಿಕೊಡುವುದು ಗಣಿಗಾರಿಕೆ ಪ್ರಭಾವಿತ ವಲಯಗಳ ಸಮಗ್ರ ಪರಿಸರ ಯೋಜನೆಯ ಉದ್ದೇಶವಾಗಿದೆ ಎಂದು ಉಪ ಕೃಷಿ ನಿರ್ದೇಶಕ ಮಂಜುನಾಥ್ ಅವರು ಹೇಳಿದರು.

ಜಲಾನಯನ ಅಭಿವೃದ್ಧಿ ಇಲಾಖೆ, ಕೃಷಿ ಇಲಾಖೆ ಬಳ್ಳಾರಿ ಹಾಗೂ ಗ್ರಾಮ್ಸ್ ಲಿಂಗಸೂಗೂರು ಸಂಸ್ಥೆ ಸಂಯುಕ್ತಾಶ್ರಯದಲ್ಲಿ ಆಯೋಜಿಸಿದ್ದ ಗಣಿಗಾರಿಕೆ ಪ್ರಭಾವಿತ ವಲಯಗಳ ಸಮಗ್ರ ಪರಿಸರ ಯೋಜನೆಯ ಕ್ಷೇತ್ರ ಭೇಟಿ ಕಾರ್ಯಕ್ರಮದಲ್ಲಿ ಅವರು ಮಾತನಾಡಿದರು.

ಈ ಯೋಜನೆಯನ್ನು ಗಣಿಗಾರಿಕೆ ಪ್ರಭಾವಿತ ಗ್ರಾಮಗಳಲ್ಲಿ ಅನುಷ್ಠಾನಗೊಳಿಸಲಾಗುತ್ತಿದ್ದು, ಜಲಾನಯನ ಪ್ರದೇಶದಲ್ಲಿ ಮಣ್ಣು ಮತ್ತು ನೀರಿನ ಸಂರಕ್ಷಣಾ ಕಾಮಗಾರಿಗಳನ್ನು ಕೈಗೊಳ್ಳಲಾಗುವುದು ಎಂದು ತಿಳಿಸಿದರು.

ಸ್ಟ್ಯಾಂಡಿನಲ್ಲಿಯೂ ತಮ್ಮ ಜಮೀನುಗಳಲ್ಲಿ ಮಿಡ್ಯಾಸ್ ಬೆಳೆ ಬೆಳೆಯುವ ಮೂಲಕ ಮಣ್ಣಿನ ಸವಕಳಿ ತಡೆಯಬಹುದು. ಬದು ನಿರ್ಮಾಣ, ಕೃಷಿ ಹೊಂಡ, ಚೆಕ್ ಡ್ಯಾಂ ನಿರ್ಮಾಣದಂತಹ ಉಪಚಾರಗಳನ್ನು ರೈತರು ಅಳವಡಿಸಿಕೊಳ್ಳಬೇಕು. ಇದರಿಂದ ಅಂತರ್ಜಲ ಮಟ್ಟ ಹೆಚ್ಚಳವಾಗುವುದರ ಜೊತೆಗೆ ಬೆಳೆ ಇಳುವರಿಯೂ ಹೆಚ್ಚಾಗುತ್ತದೆ

ಎಂದು ತಿಳಿಸಿದರು.

ಗ್ರಾಮ್ಸ್ ಸಂಸ್ಥೆಯ ಸಿಇಒ ಮಹೇಶ್ ಕುಮಾರ್ ಅವರು ಮಾತನಾಡಿ, ಯೋಜನೆಯಡಿ ಗ್ರಾಮಗಳ ಸಮೀಕ್ಷೆ ನಡೆಸಿ ರೈತರ ಜಮೀನುಗಳಿಗೆ ಅಗತ್ಯವಿರುವ ಉಪಚಾರಗಳನ್ನು ಗುರುತಿಸಲಾಗುತ್ತದೆ. ತಾಂತ್ರಿಕ ಸಿಬ್ಬಂದಿ ರೈತರಿಗೆ ಮಣ್ಣು ಪರೀಕ್ಷೆ, ಬೆಳೆ ಪದ್ಧತಿ, ನೀರಿನ ಸಂರಕ್ಷಣೆ ಹಾಗೂ

ಆದ್ಯತೀಕರಣ, ಜೀವನೋಪಾಯ ಚಟುವಟಿಕೆಗಳ ಮಾಹಿತಿ ನೀಡುವರು ಎಂದರು.

ರೈತರಿಗೆ ತಿಳಿಸಿದಂತಹ ಉಪಚಾರಗಳನ್ನು ಯೋಜನಾ ವಿಸ್ತೃತ ವರದಿಯಲ್ಲಿ ನಿಯಮಾನುಸಾರ ನಮೂದಿಸಿ, ಜಿಲ್ಲಾ ಮಟ್ಟದ ಸಭೆಯಲ್ಲಿ ಅನುಮೋದನೆ ಪಡೆದು ಯೋಜನೆಯನ್ನು ಯಶಸ್ವಿಯಾಗಿ ಅನುಷ್ಠಾನಗೊಳಿಸಲಾಗುತ್ತದೆ. ಈ ಯೋಜನೆಯನ್ನು ಉಚ್ಚ ನ್ಯಾಯಾಲಯ ನಿರ್ದೇಶನದ ಮೇರೆಗೆ ಕರ್ನಾಟಕ ಗಣಿ ಪರಿಸರ ಪುನಶ್ಚೇತನ ನಿಗಮ ನಿರ್ದೇಶನ ಮತ್ತು ಮಾರ್ಗದರ್ಶನದಲ್ಲಿ ಅನುಷ್ಠಾನವಾಗುತ್ತದೆ ಎಂದು ತಿಳಿಸಿದರು.

ಈ ಸಂದರ್ಭದಲ್ಲಿ ಜಲಾನಯನ ಅಭಿವೃದ್ಧಿ ಇಲಾಖೆ ಹಾಗೂ ಕೃಷಿ ಇಲಾಖೆಯ ಅಧಿಕಾರಿಗಳು, ಗ್ರಾಮ್ಸ್ ಸಂಸ್ಥೆಯ ಸಿಬ್ಬಂದಿ ಹಾಗೂ ಗ್ರಾಮದ ರೈತರು ಉಪಸ್ಥಿತರಿದ್ದರು.
